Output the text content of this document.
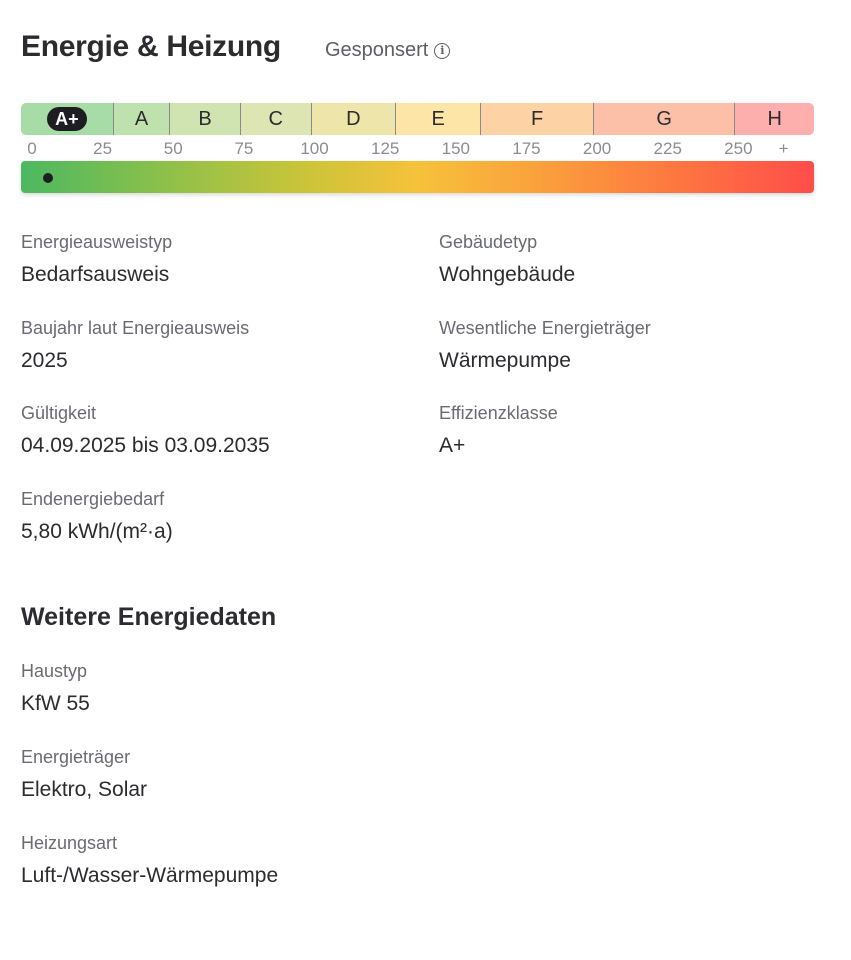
Energie & Heizung Gesponsert	i
A+	A	B	C	D	E	F	G	H
0	25	50	75	100 125 150 175 200 225 250 +
Energieausweistyp
Bedarfsausweis
Gebäudetyp
Wohngebäude
Baujahr laut Energieausweis
2025
Wesentliche Energieträger
Wärmepumpe
Gültigkeit
04.09.2025 bis 03.09.2035
Effizienzklasse
A+
Endenergiebedarf
5,80 kWh/(m²·a)
Weitere Energiedaten
Haustyp
KfW 55
Energieträger
Elektro, Solar
Heizungsart
Luft-/Wasser-Wärmepumpe
